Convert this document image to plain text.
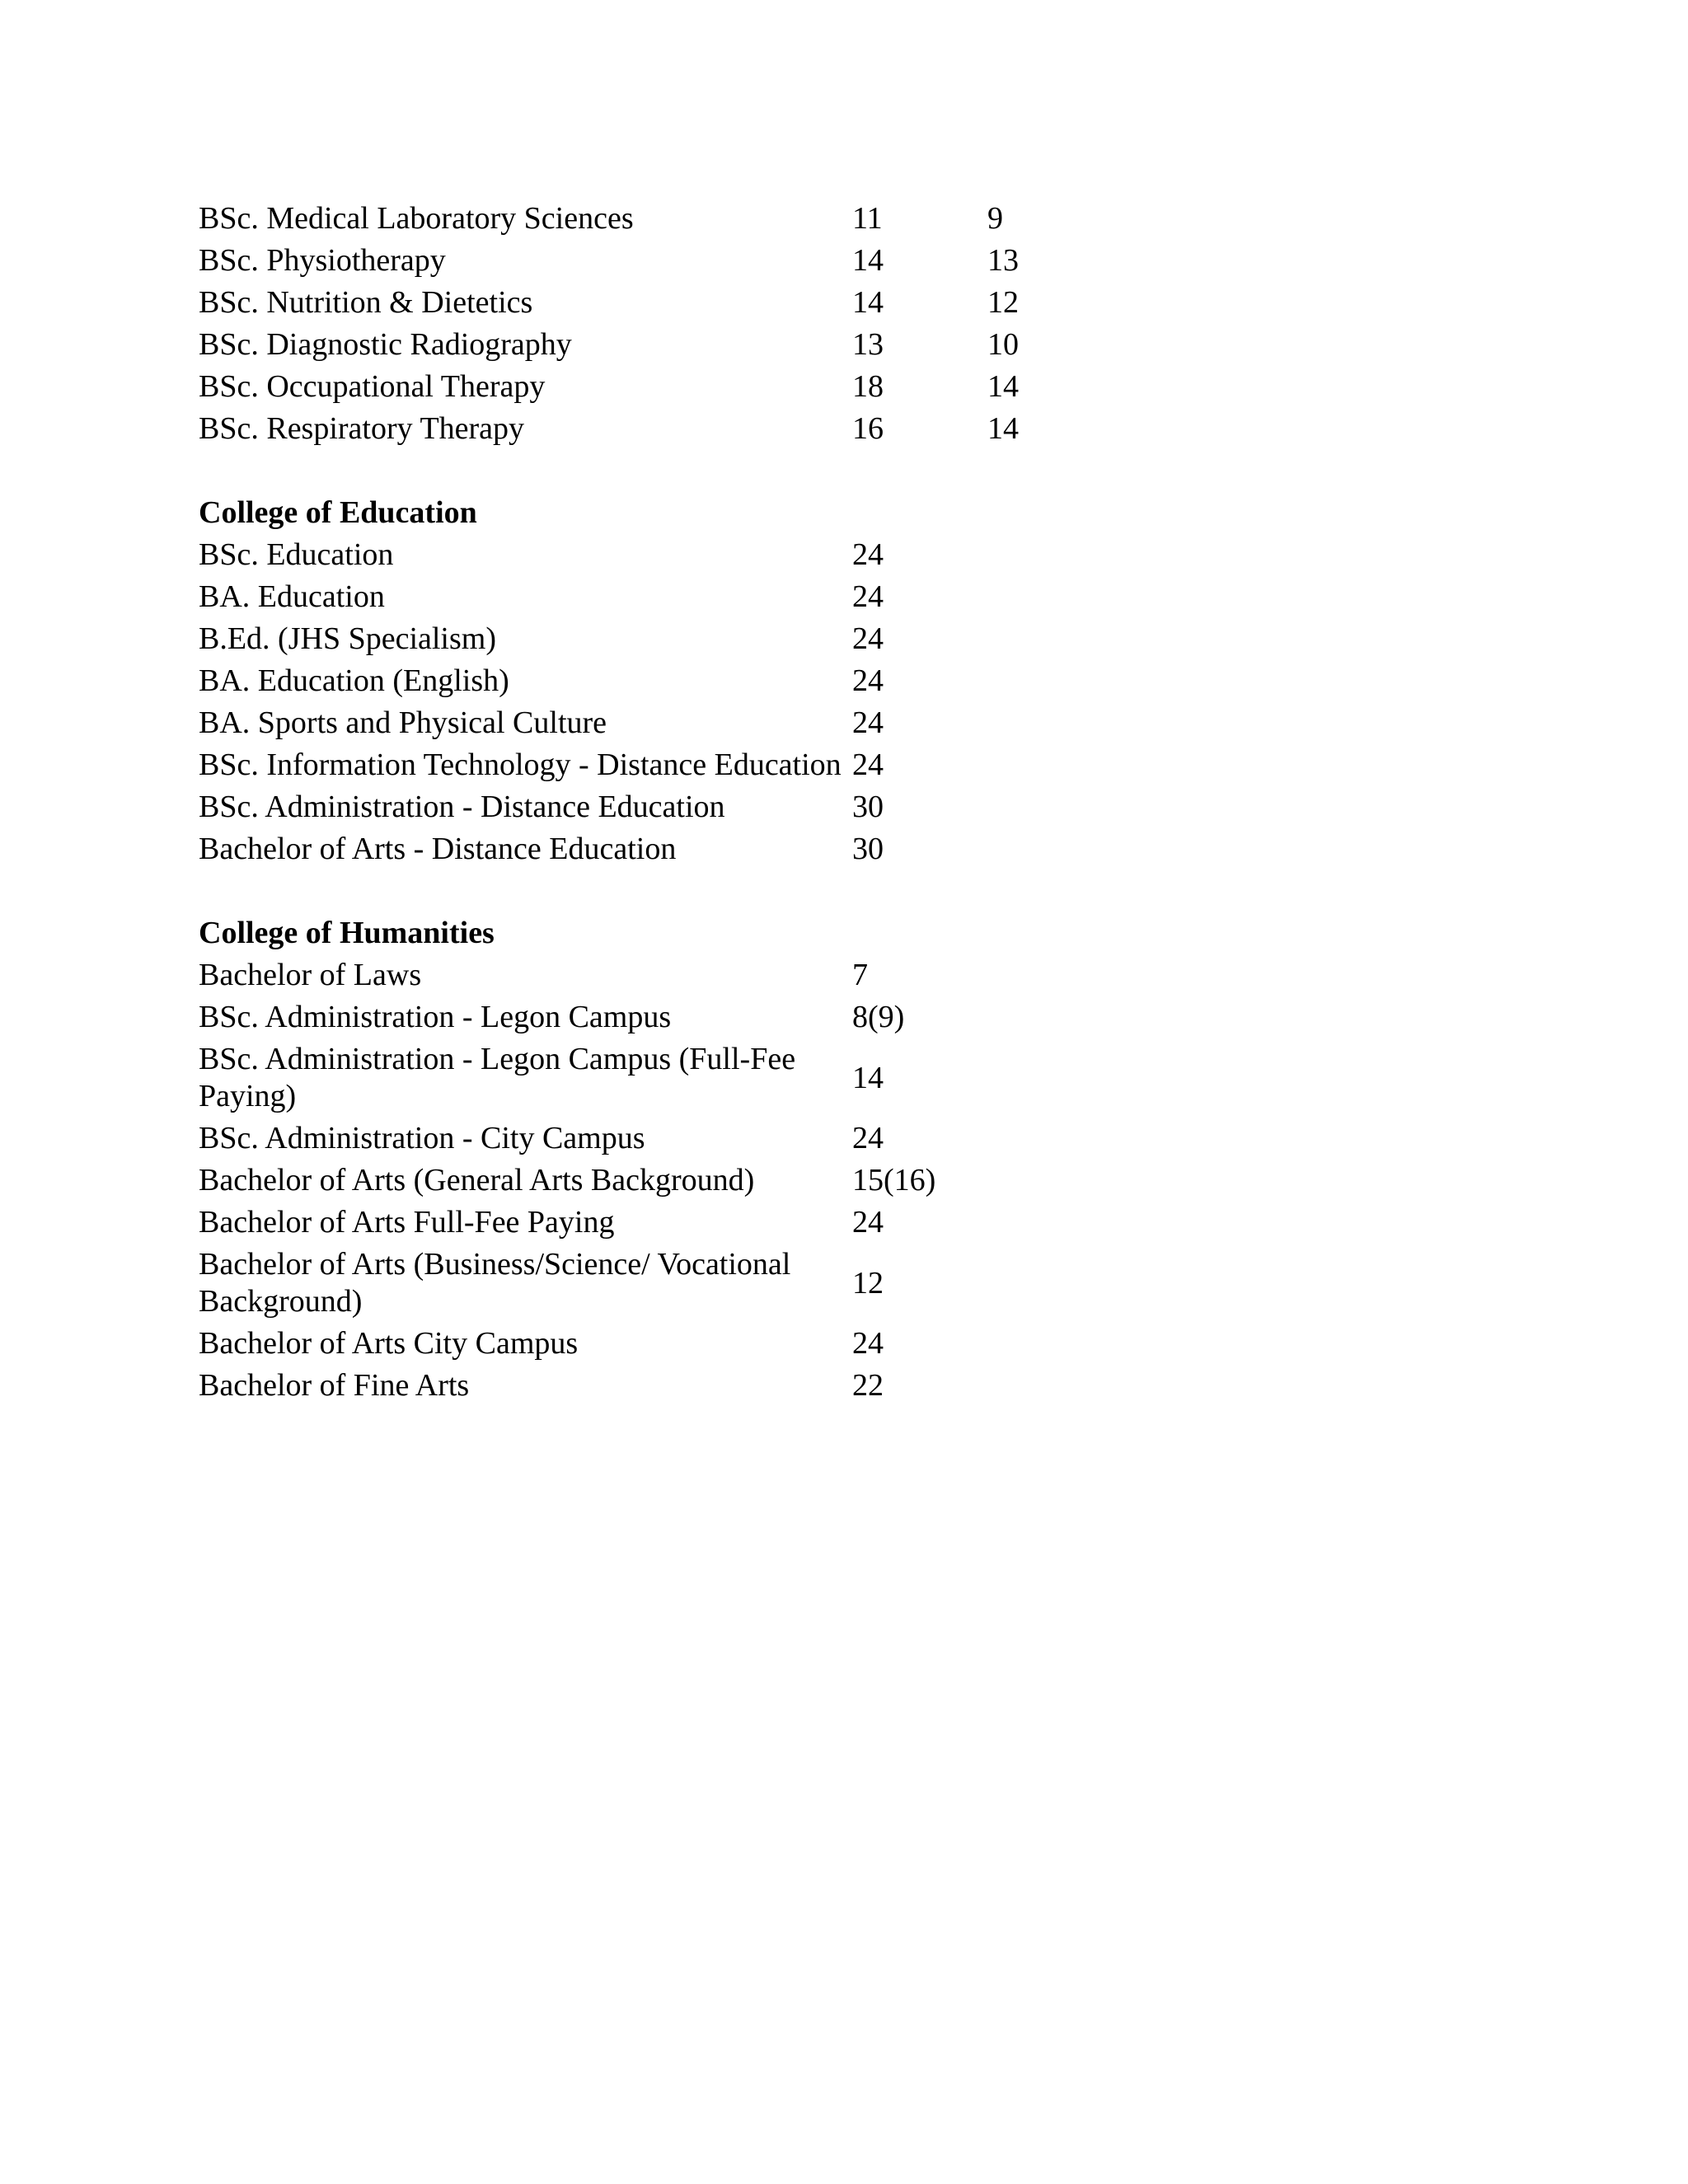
BSc. Medical Laboratory Sciences	11	9
BSc. Physiotherapy	14	13
BSc. Nutrition & Dietetics	14	12
BSc. Diagnostic Radiography	13	10
BSc. Occupational Therapy	18	14
BSc. Respiratory Therapy	16	14
College of Education
BSc. Education	24
BA. Education	24
B.Ed. (JHS Specialism)	24
BA. Education (English)	24
BA. Sports and Physical Culture	24
BSc. Information Technology - Distance Education 24
BSc. Administration - Distance Education	30
Bachelor of Arts - Distance Education	30
College of Humanities
Bachelor of Laws	7
BSc. Administration - Legon Campus	8(9)
BSc. Administration - Legon Campus (Full-Fee Paying)
14
BSc. Administration - City Campus	24
Bachelor of Arts (General Arts Background)	15(16)
Bachelor of Arts Full-Fee Paying	24
Bachelor of Arts (Business/Science/ Vocational Background)
12
Bachelor of Arts City Campus	24
Bachelor of Fine Arts	22
